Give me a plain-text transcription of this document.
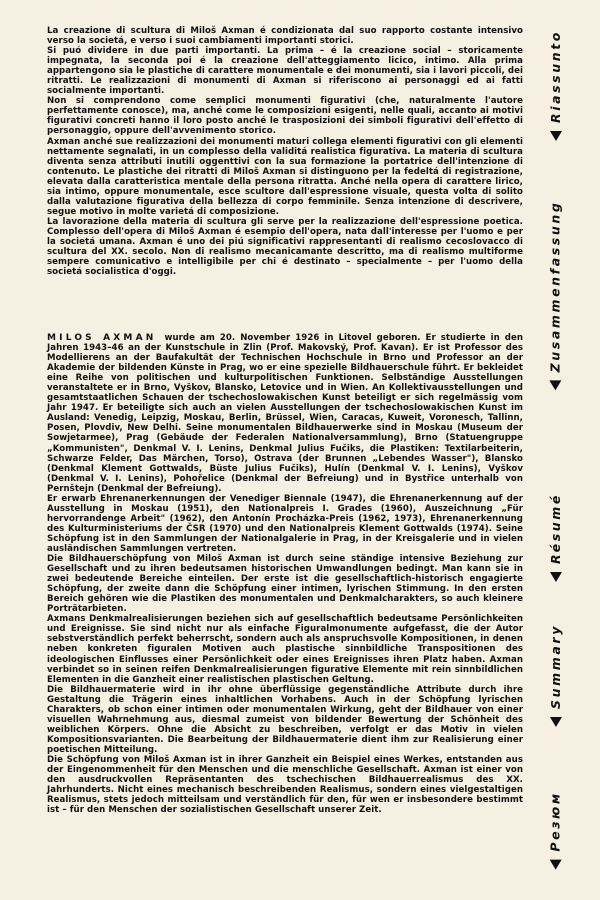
La creazione di scultura di Miloš Axman é condizionata dal suo rapporto costante intensivo verso la societá, e verso i suoi cambiamenti importanti storici.

Si puó dividere in due parti importanti. La prima – é la creazione social – storicamente impegnata, la seconda poi é la creazione dell'atteggiamento licico, intimo. Alla prima appartengono sia le plastiche di carattere monumentale e dei monumenti, sia i lavori piccoli, dei ritratti. Le realizzazioni di monumenti di Axman si riferiscono ai personaggi ed ai fatti socialmente importanti.

Non si comprendono come semplici monumenti figurativi (che, naturalmente l'autore perfettamente conosce), ma, anché come le composizioni esigenti, nelle quali, accanto ai motivi figurativi concreti hanno il loro posto anché le trasposizioni dei simboli figurativi dell'effetto di personaggio, oppure dell'avvenimento storico.

Axman anché sue realizzazioni dei monumenti maturi collega elementi figurativi con gli elementi nettamente segnalati, in un complesso della validitá realistica figurativa. La materia di scultura diventa senza attributi inutili oggenttivi con la sua formazione la portatrice dell'intenzione di contenuto. Le plastiche dei ritratti di Miloš Axman si distinguono per la fedeltá di registrazione, elevata dalla caratteristica mentale della persona ritratta. Anché nella opera di carattere lirico, sia intimo, oppure monumentale, esce scultore dall'espressione visuale, questa volta di solito dalla valutazione figurativa della bellezza di corpo femminile. Senza intenzione di descrivere, segue motivo in molte varietá di composizione.

La lavorazione della materia di scultura gli serve per la realizzazione dell'espressione poetica. Complesso dell'opera di Miloš Axman é esempio dell'opera, nata dall'interesse per l'uomo e per la societá umana. Axman é uno dei piú significativi rappresentanti di realismo cecoslovacco di scultura del XX. secolo. Non di realismo mecanicamante descritto, ma di realismo multiforme sempere comunicativo e intelligibile per chi é destinato – specialmente – per l'uomo della societá socialistica d'oggi.

MILOS AXMAN wurde am 20. November 1926 in Litovel geboren. Er studierte in den Jahren 1943–46 an der Kunstschule in Zlin (Prof. Makovský, Prof. Kavan). Er ist Professor des Modellierens an der Baufakultät der Technischen Hochschule in Brno und Professor an der Akademie der bildenden Künste in Prag, wo er eine spezielle Bildhauerschule führt. Er bekleidet eine Reihe von politischen und kulturpolitischen Funktionen. Selbständige Ausstellungen veranstaltete er in Brno, Vyškov, Blansko, Letovice und in Wien. An Kollektivausstellungen und gesamtstaatlichen Schauen der tschechoslowakischen Kunst beteiligt er sich regelmässig vom Jahr 1947. Er beteiligte sich auch an vielen Ausstellungen der tschechoslowakischen Kunst im Ausland: Venedig, Leipzig, Moskau, Berlin, Brüssel, Wien, Caracas, Kuweit, Voronesch, Tallinn, Posen, Plovdiv, New Delhi. Seine monumentalen Bildhauerwerke sind in Moskau (Museum der Sowjetarmee), Prag (Gebäude der Federalen Nationalversammlung), Brno (Statuengruppe „Kommunisten", Denkmal V. I. Lenins, Denkmal Julius Fučiks, die Plastiken: Textilarbeiterin, Schwarze Felder, Das Märchen, Torso), Ostrava (der Brunnen „Lebendes Wasser"), Blansko (Denkmal Klement Gottwalds, Büste Julius Fučiks), Hulín (Denkmal V. I. Lenins), Vyškov (Denkmal V. I. Lenins), Pohořelice (Denkmal der Befreiung) und in Bystřice unterhalb von Pernštejn (Denkmal der Befreiung).

Er erwarb Ehrenanerkennungen der Venediger Biennale (1947), die Ehrenanerkennung auf der Ausstellung in Moskau (1951), den Nationalpreis I. Grades (1960), Auszeichnung „Für hervorrandenge Arbeit" (1962), den Antonín Procházka-Preis (1962, 1973), Ehrenanerkennung des Kulturministeriums der ČSR (1970) und den Nationalpreis Klement Gottwalds (1974). Seine Schöpfung ist in den Sammlungen der Nationalgalerie in Prag, in der Kreisgalerie und in vielen ausländischen Sammlungen vertreten.

Die Bildhauerschöpfung von Miloš Axman ist durch seine ständige intensive Beziehung zur Gesellschaft und zu ihren bedeutsamen historischen Umwandlungen bedingt. Man kann sie in zwei bedeutende Bereiche einteilen. Der erste ist die gesellschaftlich-historisch engagierte Schöpfung, der zweite dann die Schöpfung einer intimen, lyrischen Stimmung. In den ersten Bereich gehören wie die Plastiken des monumentalen und Denkmalcharakters, so auch kleinere Porträtarbieten.

Axmans Denkmalrealisierungen beziehen sich auf gesellschaftlich bedeutsame Persönlichkeiten und Ereignisse. Sie sind nicht nur als einfache Figuralmonumente aufgefasst, die der Autor sebstverständlich perfekt beherrscht, sondern auch als anspruchsvolle Kompositionen, in denen neben konkreten figuralen Motiven auch plastische sinnbildliche Transpositionen des ideologischen Einflusses einer Persönlichkeit oder eines Ereignisses ihren Platz haben. Axman verbindet so in seinen reifen Denkmalrealisierungen figurative Elemente mit rein sinnbildlichen Elementen in die Ganzheit einer realistischen plastischen Geltung.

Die Bildhauermaterie wird in ihr ohne überflüssige gegenständliche Attribute durch ihre Gestaltung die Trägerin eines inhaltlichen Vorhabens. Auch in der Schöpfung lyrischen Charakters, ob schon einer intimen oder monumentalen Wirkung, geht der Bildhauer von einer visuellen Wahrnehmung aus, diesmal zumeist von bildender Bewertung der Schönheit des weiblichen Körpers. Ohne die Absicht zu beschreiben, verfolgt er das Motiv in vielen Kompositionsvarianten. Die Bearbeitung der Bildhauermaterie dient ihm zur Realisierung einer poetischen Mitteilung.

Die Schöpfung von Miloš Axman ist in ihrer Ganzheit ein Beispiel eines Werkes, entstanden aus der Eingenommenheit für den Menschen und die menschliche Gesellschaft. Axman ist einer von den ausdruckvollen Repräsentanten des tschechischen Bildhauerrealismus des XX. Jahrhunderts. Nicht eines mechanisch beschreibenden Realismus, sondern eines vielgestaltigen Realismus, stets jedoch mitteilsam und verständlich für den, für wen er insbesondere bestimmt ist – für den Menschen der sozialistischen Gesellschaft unserer Zeit.

Riassunto
Zusammenfassung
Résumé
Summary
Резюм
